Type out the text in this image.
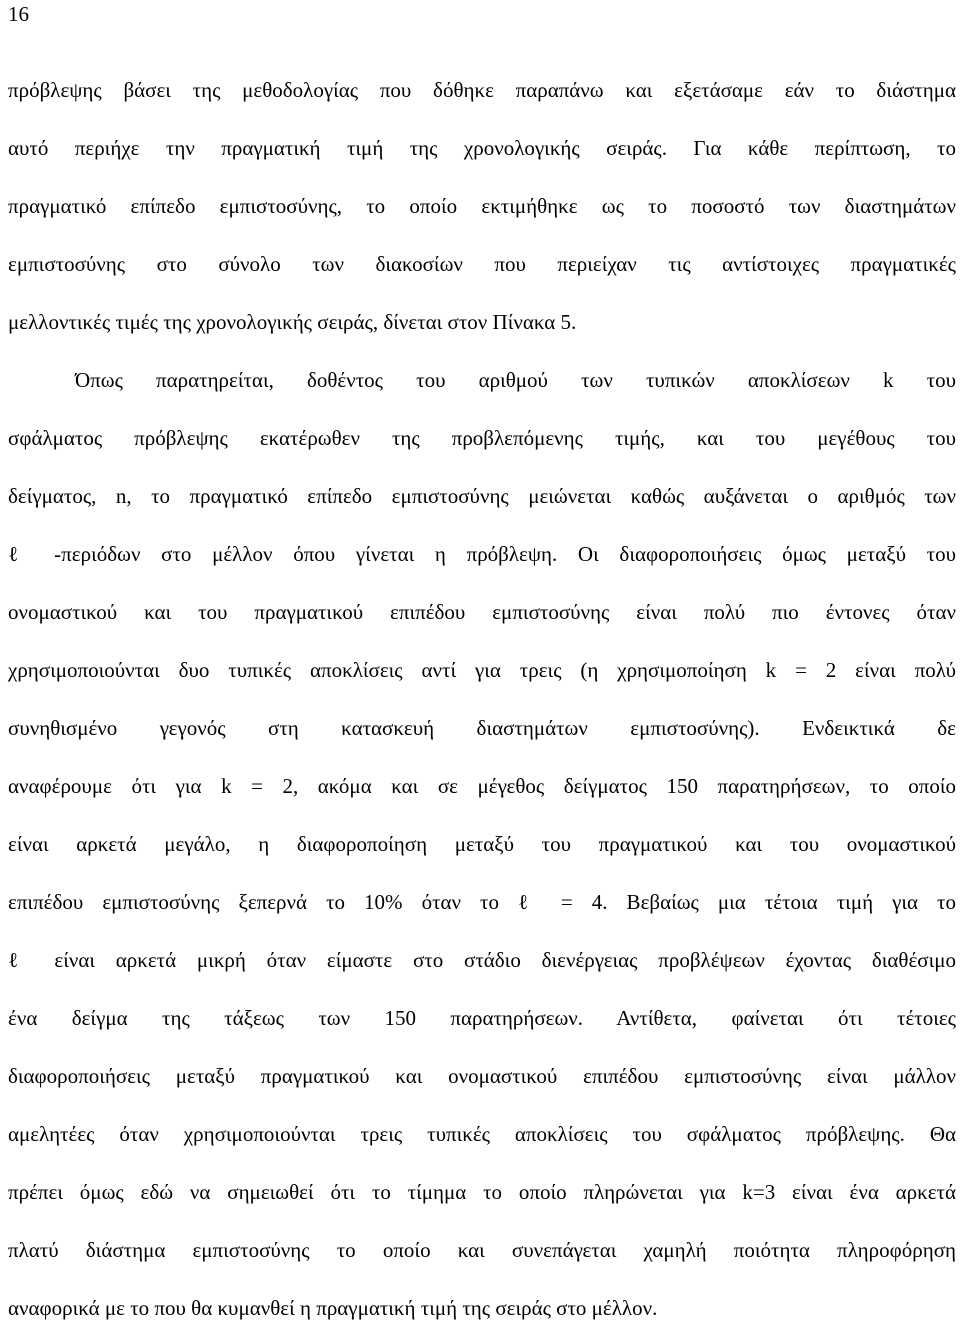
16
πρόβλεψης βάσει της μεθοδολογίας που δόθηκε παραπάνω και εξετάσαμε εάν το διάστημα
αυτό περιήχε την πραγματική τιμή της χρονολογικής σειράς. Για κάθε περίπτωση, το
πραγματικό επίπεδο εμπιστοσύνης, το οποίο εκτιμήθηκε ως το ποσοστό των διαστημάτων
εμπιστοσύνης στο σύνολο των διακοσίων που περιείχαν τις αντίστοιχες πραγματικές
μελλοντικές τιμές της χρονολογικής σειράς, δίνεται στον Πίνακα 5.
Όπως παρατηρείται, δοθέντος του αριθμού των τυπικών αποκλίσεων k του
σφάλματος πρόβλεψης εκατέρωθεν της προβλεπόμενης τιμής, και του μεγέθους του
δείγματος, n, το πραγματικό επίπεδο εμπιστοσύνης μειώνεται καθώς αυξάνεται ο αριθμός των
ℓ -περιόδων στο μέλλον όπου γίνεται η πρόβλεψη. Οι διαφοροποιήσεις όμως μεταξύ του
ονομαστικού και του πραγματικού επιπέδου εμπιστοσύνης είναι πολύ πιο έντονες όταν
χρησιμοποιούνται δυο τυπικές αποκλίσεις αντί για τρεις (η χρησιμοποίηση k = 2 είναι πολύ
συνηθισμένο γεγονός στη κατασκευή διαστημάτων εμπιστοσύνης). Ενδεικτικά δε
αναφέρουμε ότι για k = 2, ακόμα και σε μέγεθος δείγματος 150 παρατηρήσεων, το οποίο
είναι αρκετά μεγάλο, η διαφοροποίηση μεταξύ του πραγματικού και του ονομαστικού
επιπέδου εμπιστοσύνης ξεπερνά το 10% όταν το ℓ = 4. Βεβαίως μια τέτοια τιμή για το
ℓ είναι αρκετά μικρή όταν είμαστε στο στάδιο διενέργειας προβλέψεων έχοντας διαθέσιμο
ένα δείγμα της τάξεως των 150 παρατηρήσεων. Αντίθετα, φαίνεται ότι τέτοιες
διαφοροποιήσεις μεταξύ πραγματικού και ονομαστικού επιπέδου εμπιστοσύνης είναι μάλλον
αμελητέες όταν χρησιμοποιούνται τρεις τυπικές αποκλίσεις του σφάλματος πρόβλεψης. Θα
πρέπει όμως εδώ να σημειωθεί ότι το τίμημα το οποίο πληρώνεται για k=3 είναι ένα αρκετά
πλατύ διάστημα εμπιστοσύνης το οποίο και συνεπάγεται χαμηλή ποιότητα πληροφόρηση
αναφορικά με το που θα κυμανθεί η πραγματική τιμή της σειράς στο μέλλον.
